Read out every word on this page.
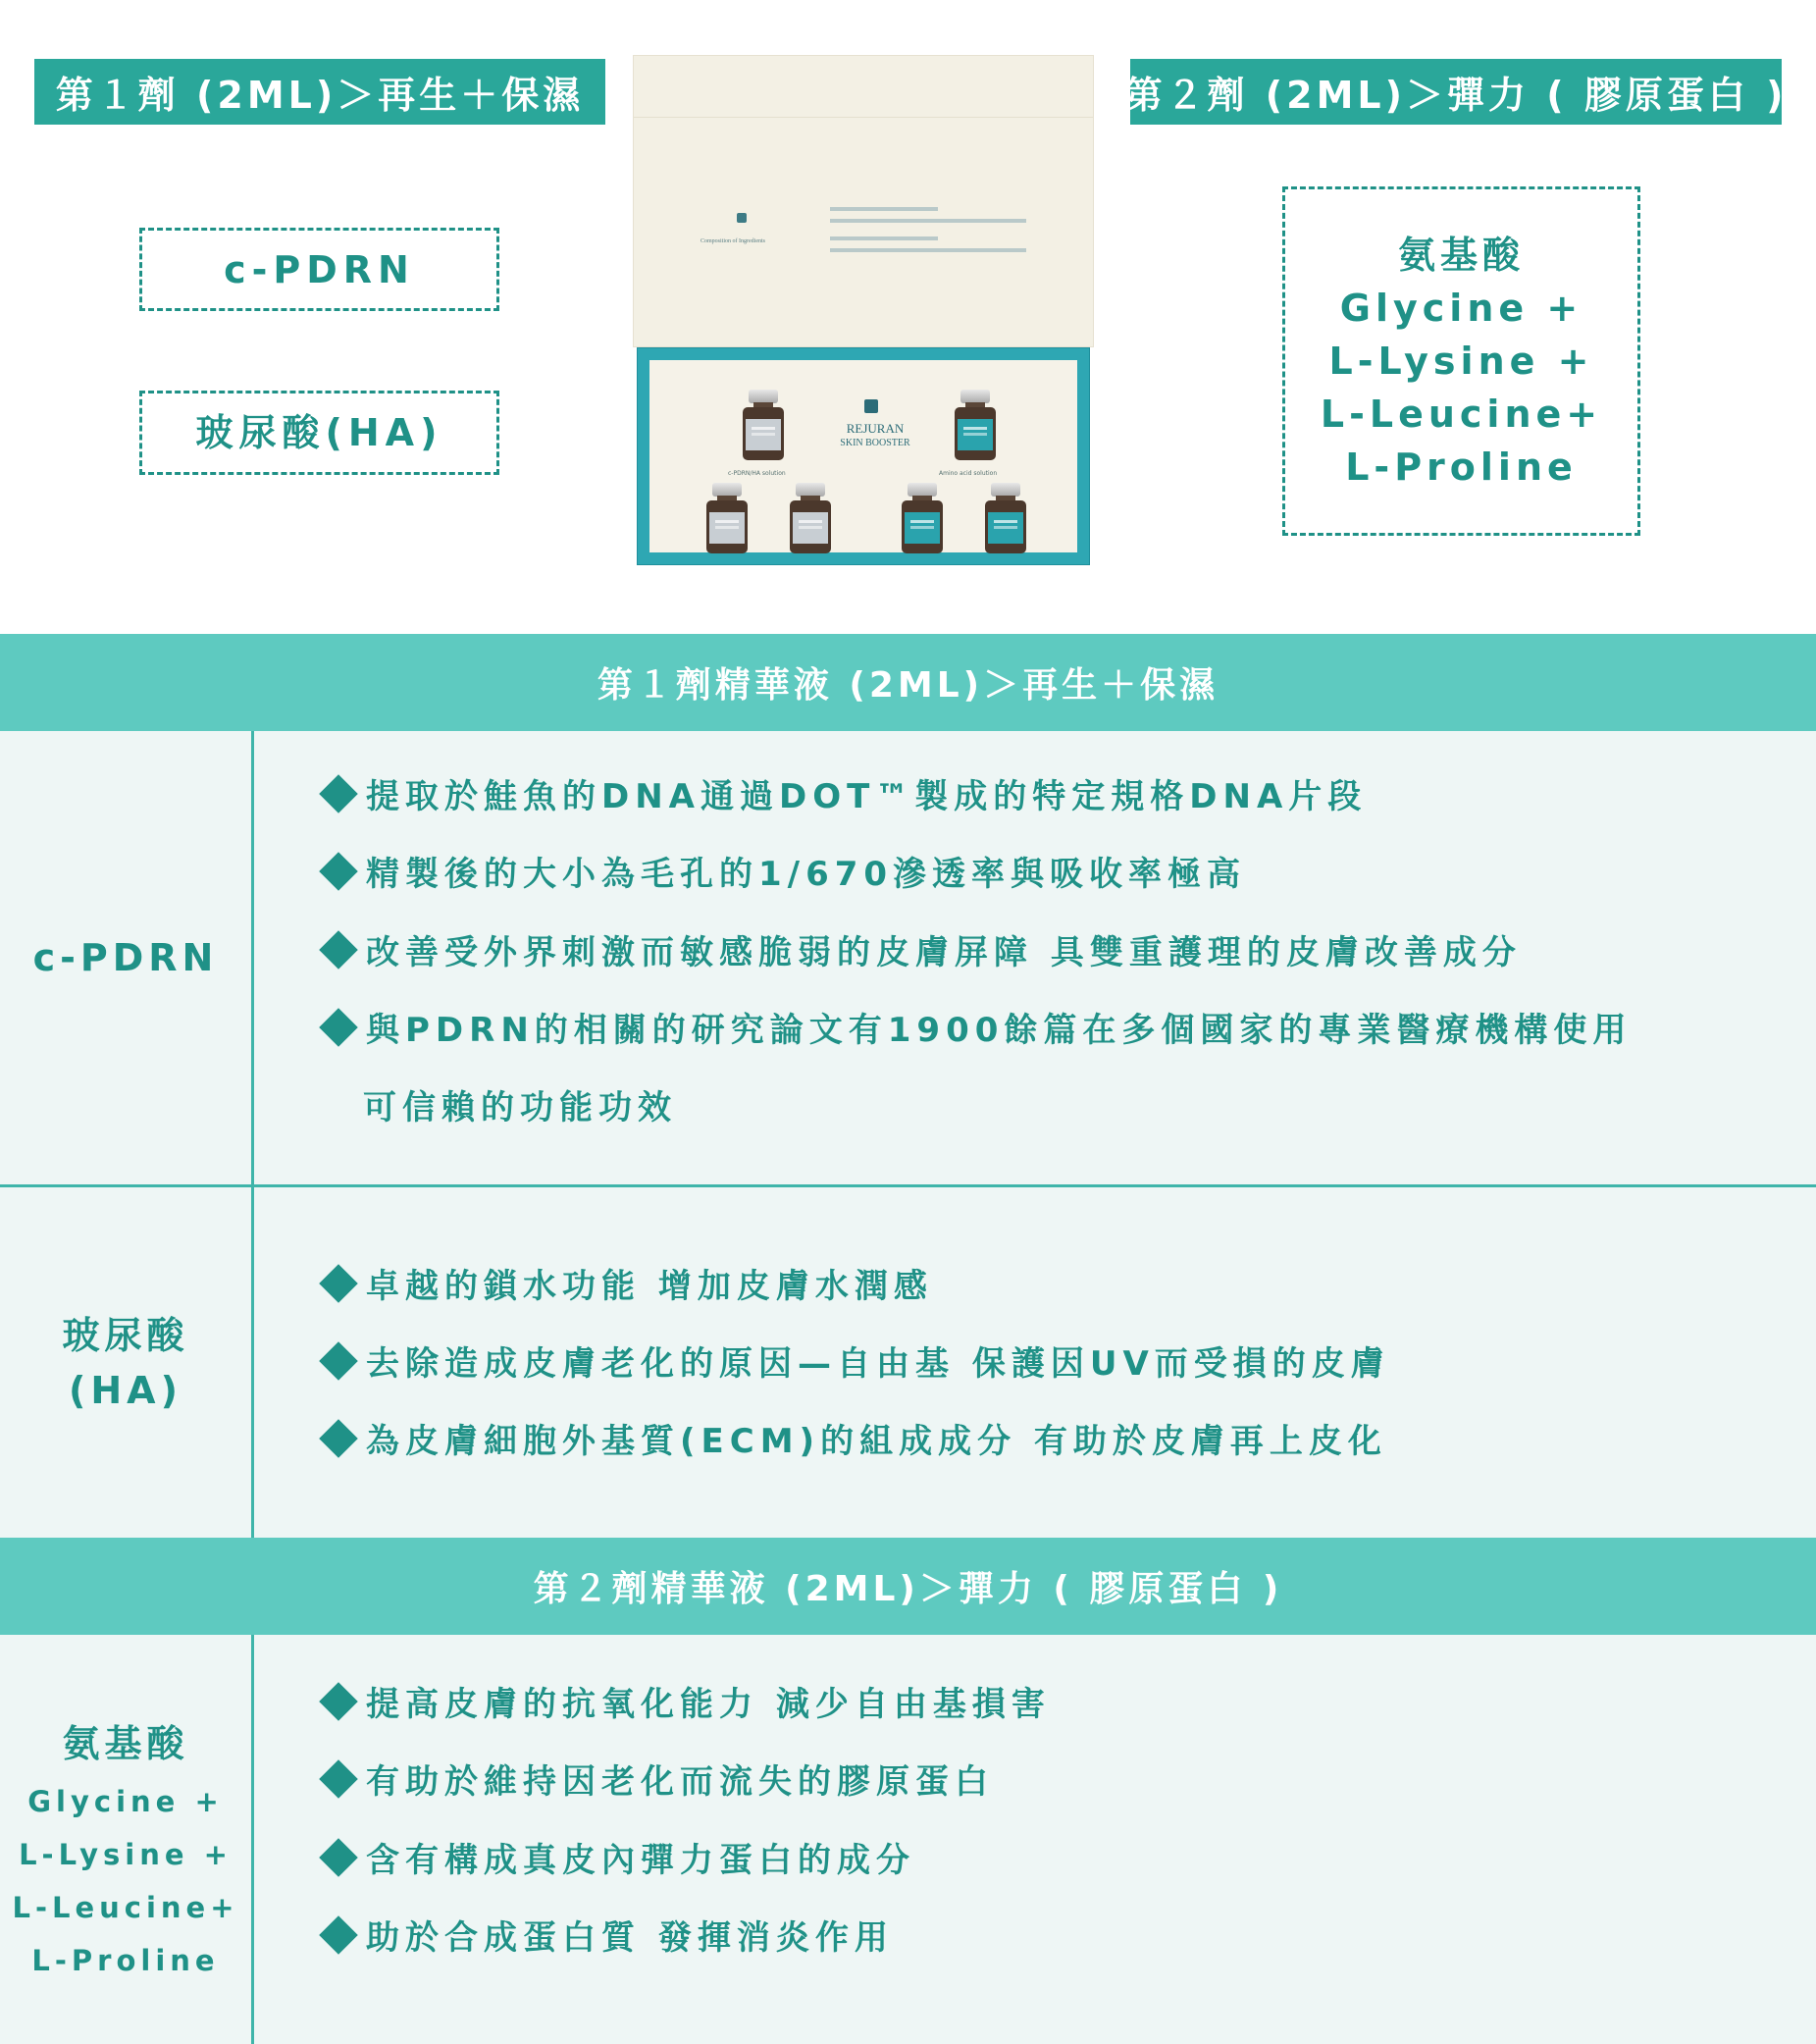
第１劑 (2ML)＞再生＋保濕	第２劑 (2ML)＞彈力 ( 膠原蛋白 )
c-PDRN
玻尿酸(HA)
氨基酸
Glycine +
L-Lysine +
L-Leucine+
L-Proline
Composition of Ingredients
REJURAN
SKIN BOOSTER
c-PDRN/HA solution	Amino acid solution
第１劑精華液 (2ML)＞再生＋保濕
c-PDRN
提取於鮭魚的DNA通過DOT™製成的特定規格DNA片段
精製後的大小為毛孔的1/670滲透率與吸收率極高
改善受外界刺激而敏感脆弱的皮膚屏障 具雙重護理的皮膚改善成分
與PDRN的相關的研究論文有1900餘篇在多個國家的專業醫療機構使用
可信賴的功能功效
玻尿酸
(HA)
卓越的鎖水功能 增加皮膚水潤感
去除造成皮膚老化的原因—自由基 保護因UV而受損的皮膚
為皮膚細胞外基質(ECM)的組成成分 有助於皮膚再上皮化
第２劑精華液 (2ML)＞彈力 ( 膠原蛋白 )
氨基酸
Glycine +
L-Lysine +
L-Leucine+
L-Proline
提高皮膚的抗氧化能力 減少自由基損害
有助於維持因老化而流失的膠原蛋白
含有構成真皮內彈力蛋白的成分
助於合成蛋白質 發揮消炎作用
